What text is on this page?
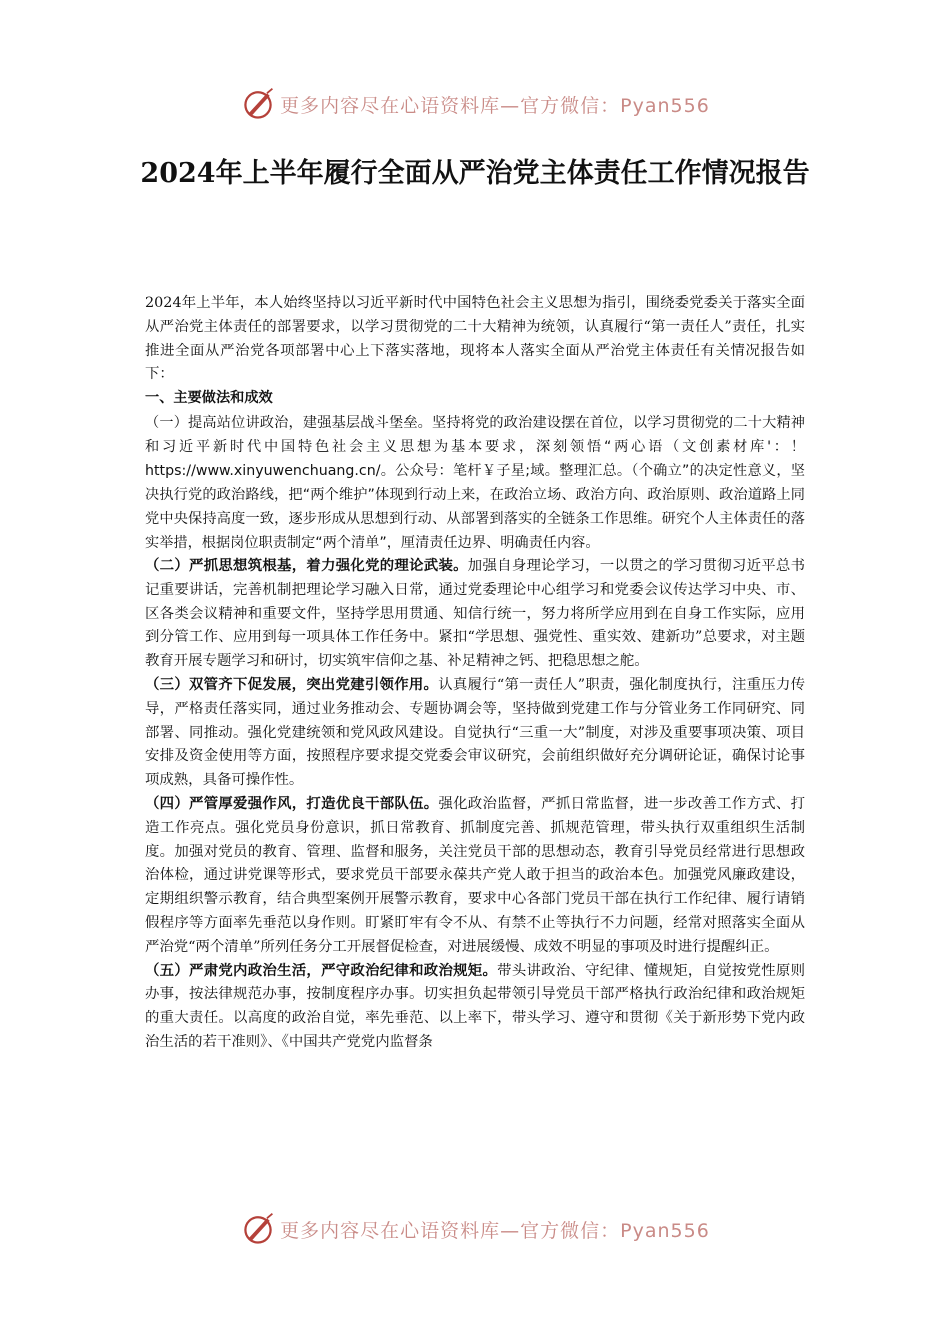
更多内容尽在心语资料库—官方微信：Pyan556
2024年上半年履行全面从严治党主体责任工作情况报告

2024年上半年，本人始终坚持以习近平新时代中国特色社会主义思想为指引，围绕委党委关于落实全面从严治党主体责任的部署要求，以学习贯彻党的二十大精神为统领，认真履行“第一责任人”责任，扎实推进全面从严治党各项部署中心上下落实落地，现将本人落实全面从严治党主体责任有关情况报告如下：

一、主要做法和成效

（一）提高站位讲政治，建强基层战斗堡垒。坚持将党的政治建设摆在首位，以学习贯彻党的二十大精神和习近平新时代中国特色社会主义思想为基本要求，深刻领悟“两心语（文创素材库'：！https://www.xinyuwenchuang.cn/。公众号：笔杆￥子星;域。整理汇总。（个确立”的决定性意义，坚决执行党的政治路线，把“两个维护”体现到行动上来，在政治立场、政治方向、政治原则、政治道路上同党中央保持高度一致，逐步形成从思想到行动、从部署到落实的全链条工作思维。研究个人主体责任的落实举措，根据岗位职责制定“两个清单”，厘清责任边界、明确责任内容。

（二）严抓思想筑根基，着力强化党的理论武装。加强自身理论学习，一以贯之的学习贯彻习近平总书记重要讲话，完善机制把理论学习融入日常，通过党委理论中心组学习和党委会议传达学习中央、市、区各类会议精神和重要文件，坚持学思用贯通、知信行统一，努力将所学应用到在自身工作实际，应用到分管工作、应用到每一项具体工作任务中。紧扣“学思想、强党性、重实效、建新功”总要求，对主题教育开展专题学习和研讨，切实筑牢信仰之基、补足精神之钙、把稳思想之舵。

（三）双管齐下促发展，突出党建引领作用。认真履行“第一责任人”职责，强化制度执行，注重压力传导，严格责任落实同，通过业务推动会、专题协调会等，坚持做到党建工作与分管业务工作同研究、同部署、同推动。强化党建统领和党风政风建设。自觉执行“三重一大”制度，对涉及重要事项决策、项目安排及资金使用等方面，按照程序要求提交党委会审议研究，会前组织做好充分调研论证，确保讨论事项成熟，具备可操作性。

（四）严管厚爱强作风，打造优良干部队伍。强化政治监督，严抓日常监督，进一步改善工作方式、打造工作亮点。强化党员身份意识，抓日常教育、抓制度完善、抓规范管理，带头执行双重组织生活制度。加强对党员的教育、管理、监督和服务，关注党员干部的思想动态，教育引导党员经常进行思想政治体检，通过讲党课等形式，要求党员干部要永葆共产党人敢于担当的政治本色。加强党风廉政建设，定期组织警示教育，结合典型案例开展警示教育，要求中心各部门党员干部在执行工作纪律、履行请销假程序等方面率先垂范以身作则。盯紧盯牢有令不从、有禁不止等执行不力问题，经常对照落实全面从严治党“两个清单”所列任务分工开展督促检查，对进展缓慢、成效不明显的事项及时进行提醒纠正。

（五）严肃党内政治生活，严守政治纪律和政治规矩。带头讲政治、守纪律、懂规矩，自觉按党性原则办事，按法律规范办事，按制度程序办事。切实担负起带领引导党员干部严格执行政治纪律和政治规矩的重大责任。以高度的政治自觉，率先垂范、以上率下，带头学习、遵守和贯彻《关于新形势下党内政治生活的若干准则》、《中国共产党党内监督条

更多内容尽在心语资料库—官方微信：Pyan556
